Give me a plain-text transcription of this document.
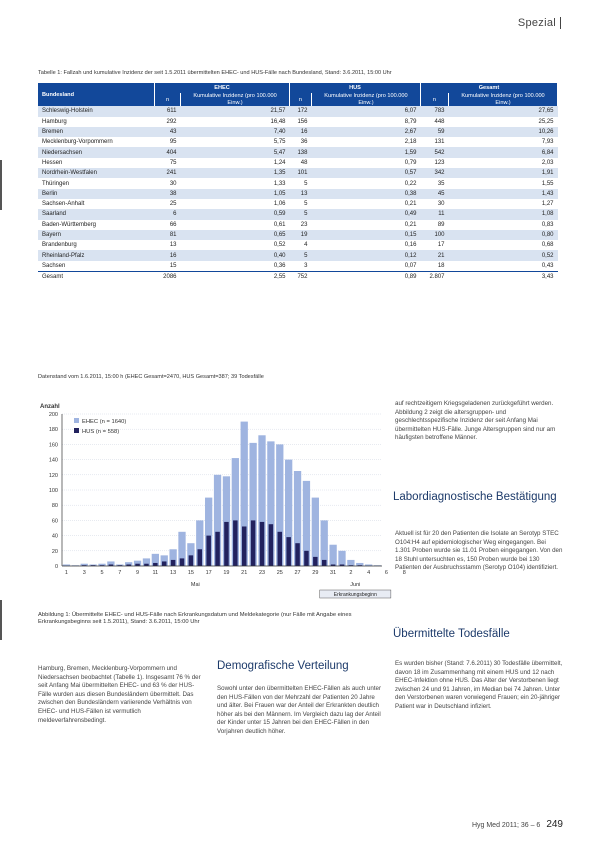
Spezial
Tabelle 1: Fallzah und kumulative Inzidenz der seit 1.5.2011 übermittelten EHEC- und HUS-Fälle nach Bundesland, Stand: 3.6.2011, 15:00 Uhr
Bundesland	EHEC		HUS		Gesamt	
	n	Kumulative Inzidenz (pro 100.000 Einw.)	n	Kumulative Inzidenz (pro 100.000 Einw.)	n	Kumulative Inzidenz (pro 100.000 Einw.)
Schleswig-Holstein	611	21,57	172	6,07	783	27,65
Hamburg	292	16,48	156	8,79	448	25,25
Bremen	43	7,40	16	2,67	59	10,26
Mecklenburg-Vorpommern	95	5,75	36	2,18	131	7,93
Niedersachsen	404	5,47	138	1,59	542	6,84
Hessen	75	1,24	48	0,79	123	2,03
Nordrhein-Westfalen	241	1,35	101	0,57	342	1,91
Thüringen	30	1,33	5	0,22	35	1,55
Berlin	38	1,05	13	0,38	45	1,43
Sachsen-Anhalt	25	1,06	5	0,21	30	1,27
Saarland	6	0,59	5	0,49	11	1,08
Baden-Württemberg	66	0,61	23	0,21	89	0,83
Bayern	81	0,65	19	0,15	100	0,80
Brandenburg	13	0,52	4	0,16	17	0,68
Rheinland-Pfalz	16	0,40	5	0,12	21	0,52
Sachsen	15	0,36	3	0,07	18	0,43
Gesamt	2086	2,55	752	0,89	2.807	3,43
Datenstand vom 1.6.2011, 15:00 h (EHEC Gesamt=2470, HUS Gesamt=387; 39 Todesfälle
0
20
40
60
80
100
120
140
160
180
200
Anzahl
1	3	5	7	9 11 13 15 17 19 21 23 25 27 29 31 2	4	6	8
Mai	Juni
Erkrankungsbeginn
EHEC (n = 1640)
HUS (n = 558)
Abbildung 1: Übermittelte EHEC- und HUS-Fälle nach Erkrankungsdatum und Meldekategorie (nur Fälle mit Angabe eines Erkrankungsbeginns seit 1.5.2011), Stand: 3.6.2011, 15:00 Uhr
auf rechtzeitigem Kriegsgeladenen zurückgeführt werden. Abbildung 2 zeigt die altersgruppen- und geschlechtsspezifische Inzidenz der seit Anfang Mai übermittelten HUS-Fälle. Junge Altersgruppen sind nur am häufigsten betroffene Männer.
Labordiagnostische Bestätigung
Aktuell ist für 20 den Patienten die Isolate an Serotyp STEC O104:H4 auf epidemiologischer Weg eingegangen. Bei 1.301 Proben wurde sie 11.01 Proben eingegangen. Von den 18 Stuhl untersuchten es, 150 Proben wurde bei 130 Patienten der Ausbruchsstamm (Serotyp O104) identifiziert.
Übermittelte Todesfälle
Es wurden bisher (Stand: 7.6.2011) 30 Todesfälle übermittelt, davon 18 im Zusammenhang mit einem HUS und 12 nach EHEC-Infektion ohne HUS. Das Alter der Verstorbenen liegt zwischen 24 und 91 Jahren, im Median bei 74 Jahren. Unter den Verstorbenen waren vorwiegend Frauen; ein 20-jähriger Patient war in Deutschland infiziert.
Demografische Verteilung
Sowohl unter den übermittelten EHEC-Fällen als auch unter den HUS-Fällen von der Mehrzahl der Patienten 20 Jahre und älter. Bei Frauen war der Anteil der Erkrankten deutlich höher als bei den Männern. Im Vergleich dazu lag der Anteil der Kinder unter 15 Jahren bei den EHEC-Fällen in den Vorjahren deutlich höher.
Hamburg, Bremen, Mecklenburg-Vorpommern und Niedersachsen beobachtet (Tabelle 1). Insgesamt 76 % der seit Anfang Mai übermittelten EHEC- und 63 % der HUS-Fälle wurden aus diesen Bundesländern übermittelt. Das zwischen den Bundesländern variierende Verhältnis von EHEC- und HUS-Fällen ist vermutlich meldeverfahrensbedingt.
Hyg Med 2011; 36 – 6 249
